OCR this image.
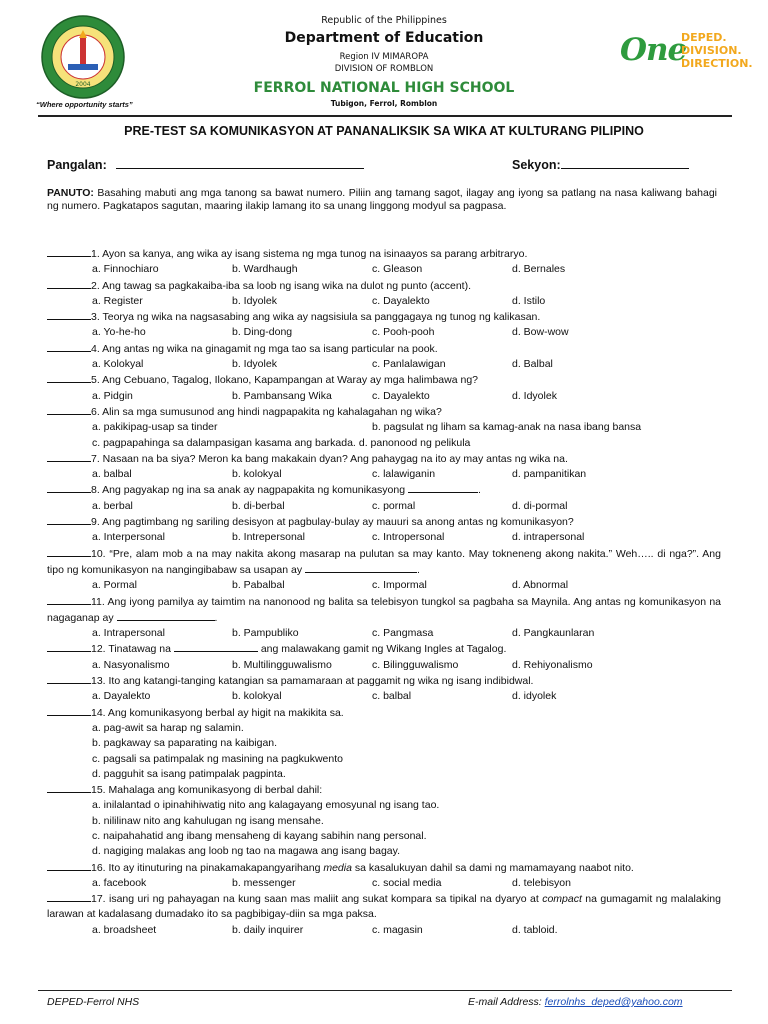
2004
“Where opportunity starts”
Republic of the Philippines
Department of Education
Region IV MIMAROPA
DIVISION OF ROMBLON
FERROL NATIONAL HIGH SCHOOL
Tubigon, Ferrol, Romblon
One
DEPED.
DIVISION.
DIRECTION.
PRE-TEST SA KOMUNIKASYON AT PANANALIKSIK SA WIKA AT KULTURANG PILIPINO
Pangalan:	Sekyon:
PANUTO: Basahing mabuti ang mga tanong sa bawat numero. Piliin ang tamang sagot, ilagay ang iyong sa patlang na nasa kaliwang bahagi ng numero. Pagkatapos sagutan, maaring ilakip lamang ito sa unang linggong modyul sa pagpasa.
1. Ayon sa kanya, ang wika ay isang sistema ng mga tunog na isinaayos sa parang arbitraryo.
a. Finnochiaro	b. Wardhaugh	c. Gleason	d. Bernales
2. Ang tawag sa pagkakaiba-iba sa loob ng isang wika na dulot ng punto (accent).
a. Register	b. Idyolek	c. Dayalekto	d. Istilo
3. Teorya ng wika na nagsasabing ang wika ay nagsisiula sa panggagaya ng tunog ng kalikasan.
a. Yo-he-ho	b. Ding-dong	c. Pooh-pooh	d. Bow-wow
4. Ang antas ng wika na ginagamit ng mga tao sa isang particular na pook.
a. Kolokyal	b. Idyolek	c. Panlalawigan	d. Balbal
5. Ang Cebuano, Tagalog, Ilokano, Kapampangan at Waray ay mga halimbawa ng?
a. Pidgin	b. Pambansang Wika	c. Dayalekto	d. Idyolek
6. Alin sa mga sumusunod ang hindi nagpapakita ng kahalagahan ng wika?
a. pakikipag-usap sa tinder	b. pagsulat ng liham sa kamag-anak na nasa ibang bansa
c. pagpapahinga sa dalampasigan kasama ang barkada. d. panonood ng pelikula
7. Nasaan na ba siya? Meron ka bang makakain dyan? Ang pahaygag na ito ay may antas ng wika na.
a. balbal	b. kolokyal	c. lalawiganin	d. pampanitikan
8. Ang pagyakap ng ina sa anak ay nagpapakita ng komunikasyong	.
a. berbal	b. di-berbal	c. pormal	d. di-pormal
9. Ang pagtimbang ng sariling desisyon at pagbulay-bulay ay mauuri sa anong antas ng komunikasyon?
a. Interpersonal	b. Intrepersonal	c. Intropersonal	d. intrapersonal
10. “Pre, alam mob a na may nakita akong masarap na pulutan sa may kanto. May tokneneng akong nakita.” Weh….. di nga?”. Ang tipo ng komunikasyon na nangingibabaw sa usapan ay	.
a. Pormal	b. Pabalbal	c. Impormal	d. Abnormal
11. Ang iyong pamilya ay taimtim na nanonood ng balita sa telebisyon tungkol sa pagbaha sa Maynila. Ang antas ng komunikasyon na nagaganap ay	.
a. Intrapersonal	b. Pampubliko	c. Pangmasa	d. Pangkaunlaran
12. Tinatawag na	ang malawakang gamit ng Wikang Ingles at Tagalog.
a. Nasyonalismo	b. Multilingguwalismo	c. Bilingguwalismo	d. Rehiyonalismo
13. Ito ang katangi-tanging katangian sa pamamaraan at paggamit ng wika ng isang indibidwal.
a. Dayalekto	b. kolokyal	c. balbal	d. idyolek
14. Ang komunikasyong berbal ay higit na makikita sa.
a. pag-awit sa harap ng salamin.
b. pagkaway sa paparating na kaibigan.
c. pagsali sa patimpalak ng masining na pagkukwento
d. pagguhit sa isang patimpalak pagpinta.
15. Mahalaga ang komunikasyong di berbal dahil:
a. inilalantad o ipinahihiwatig nito ang kalagayang emosyunal ng isang tao.
b. nililinaw nito ang kahulugan ng isang mensahe.
c. naipahahatid ang ibang mensaheng di kayang sabihin nang personal.
d. nagiging malakas ang loob ng tao na magawa ang isang bagay.
16. Ito ay itinuturing na pinakamakapangyarihang media sa kasalukuyan dahil sa dami ng mamamayang naabot nito.
a. facebook	b. messenger	c. social media	d. telebisyon
17. isang uri ng pahayagan na kung saan mas maliit ang sukat kompara sa tipikal na dyaryo at compact na gumagamit ng malalaking larawan at kadalasang dumadako ito sa pagbibigay-diin sa mga paksa.
a. broadsheet	b. daily inquirer	c. magasin	d. tabloid.
DEPED-Ferrol NHS	E-mail Address: ferrolnhs_deped@yahoo.com
